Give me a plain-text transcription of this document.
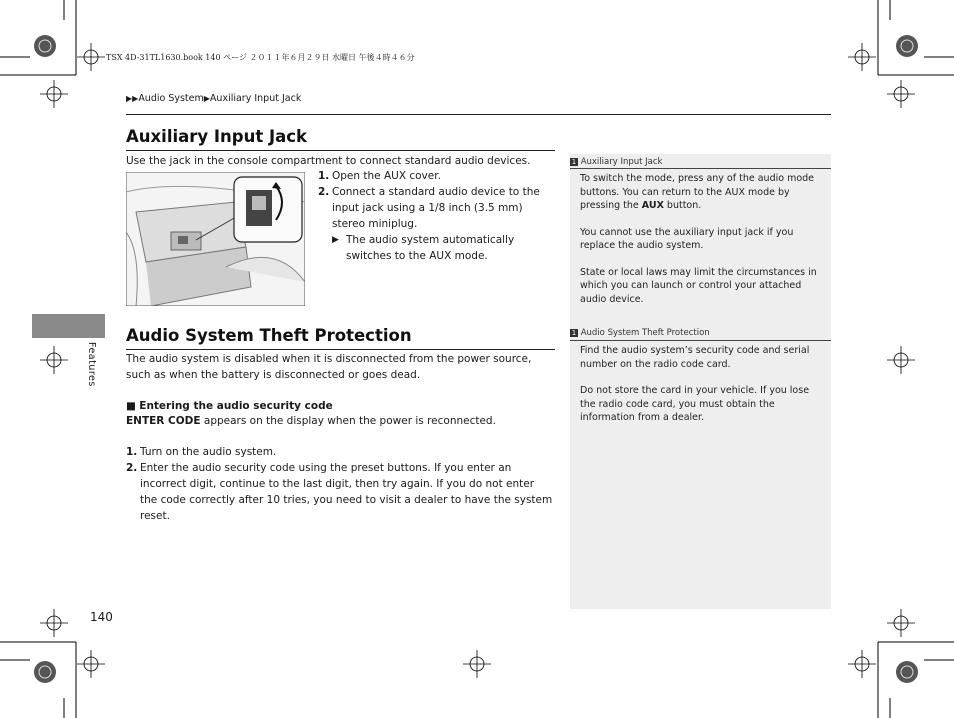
TSX 4D-31TL1630.book 140 ページ ２０１１年６月２９日 水曜日 午後４時４６分
▶▶Audio System▶Auxiliary Input Jack
Auxiliary Input Jack
Use the jack in the console compartment to connect standard audio devices.
1. Open the AUX cover.
2. Connect a standard audio device to the input jack using a 1/8 inch (3.5 mm) stereo miniplug.
▶ The audio system automatically switches to the AUX mode.
Audio System Theft Protection
The audio system is disabled when it is disconnected from the power source, such as when the battery is disconnected or goes dead.
■ Entering the audio security code
ENTER CODE appears on the display when the power is reconnected.
1. Turn on the audio system.
2. Enter the audio security code using the preset buttons. If you enter an incorrect digit, continue to the last digit, then try again. If you do not enter the code correctly after 10 tries, you need to visit a dealer to have the system reset.
1 Auxiliary Input Jack
To switch the mode, press any of the audio mode buttons. You can return to the AUX mode by pressing the AUX button.
You cannot use the auxiliary input jack if you replace the audio system.
State or local laws may limit the circumstances in which you can launch or control your attached audio device.
1 Audio System Theft Protection
Find the audio system’s security code and serial number on the radio code card.
Do not store the card in your vehicle. If you lose the radio code card, you must obtain the information from a dealer.
Features
140
